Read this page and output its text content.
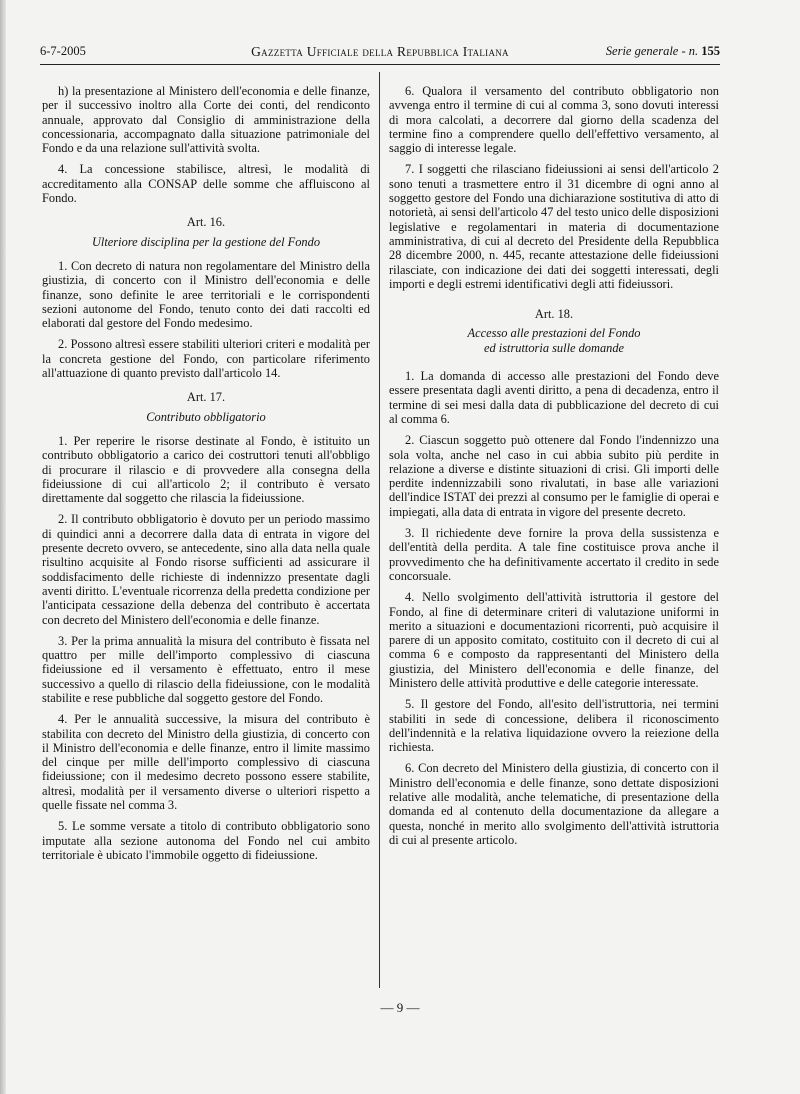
6-7-2005	Gazzetta Ufficiale della Repubblica Italiana	Serie generale - n. 155

h) la presentazione al Ministero dell'economia e delle finanze, per il successivo inoltro alla Corte dei conti, del rendiconto annuale, approvato dal Consiglio di amministrazione della concessionaria, accompagnato dalla situazione patrimoniale del Fondo e da una relazione sull'attività svolta.

4. La concessione stabilisce, altresì, le modalità di accreditamento alla CONSAP delle somme che affluiscono al Fondo.

Art. 16.
Ulteriore disciplina per la gestione del Fondo

1. Con decreto di natura non regolamentare del Ministro della giustizia, di concerto con il Ministro dell'economia e delle finanze, sono definite le aree territoriali e le corrispondenti sezioni autonome del Fondo, tenuto conto dei dati raccolti ed elaborati dal gestore del Fondo medesimo.

2. Possono altresì essere stabiliti ulteriori criteri e modalità per la concreta gestione del Fondo, con particolare riferimento all'attuazione di quanto previsto dall'articolo 14.

Art. 17.
Contributo obbligatorio

1. Per reperire le risorse destinate al Fondo, è istituito un contributo obbligatorio a carico dei costruttori tenuti all'obbligo di procurare il rilascio e di provvedere alla consegna della fideiussione di cui all'articolo 2; il contributo è versato direttamente dal soggetto che rilascia la fideiussione.

2. Il contributo obbligatorio è dovuto per un periodo massimo di quindici anni a decorrere dalla data di entrata in vigore del presente decreto ovvero, se antecedente, sino alla data nella quale risultino acquisite al Fondo risorse sufficienti ad assicurare il soddisfacimento delle richieste di indennizzo presentate dagli aventi diritto. L'eventuale ricorrenza della predetta condizione per l'anticipata cessazione della debenza del contributo è accertata con decreto del Ministero dell'economia e delle finanze.

3. Per la prima annualità la misura del contributo è fissata nel quattro per mille dell'importo complessivo di ciascuna fideiussione ed il versamento è effettuato, entro il mese successivo a quello di rilascio della fideiussione, con le modalità stabilite e rese pubbliche dal soggetto gestore del Fondo.

4. Per le annualità successive, la misura del contributo è stabilita con decreto del Ministro della giustizia, di concerto con il Ministro dell'economia e delle finanze, entro il limite massimo del cinque per mille dell'importo complessivo di ciascuna fideiussione; con il medesimo decreto possono essere stabilite, altresì, modalità per il versamento diverse o ulteriori rispetto a quelle fissate nel comma 3.

5. Le somme versate a titolo di contributo obbligatorio sono imputate alla sezione autonoma del Fondo nel cui ambito territoriale è ubicato l'immobile oggetto di fideiussione.

6. Qualora il versamento del contributo obbligatorio non avvenga entro il termine di cui al comma 3, sono dovuti interessi di mora calcolati, a decorrere dal giorno della scadenza del termine fino a comprendere quello dell'effettivo versamento, al saggio di interesse legale.

7. I soggetti che rilasciano fideiussioni ai sensi dell'articolo 2 sono tenuti a trasmettere entro il 31 dicembre di ogni anno al soggetto gestore del Fondo una dichiarazione sostitutiva di atto di notorietà, ai sensi dell'articolo 47 del testo unico delle disposizioni legislative e regolamentari in materia di documentazione amministrativa, di cui al decreto del Presidente della Repubblica 28 dicembre 2000, n. 445, recante attestazione delle fideiussioni rilasciate, con indicazione dei dati dei soggetti interessati, degli importi e degli estremi identificativi degli atti fideiussori.

Art. 18.
Accesso alle prestazioni del Fondo
ed istruttoria sulle domande

1. La domanda di accesso alle prestazioni del Fondo deve essere presentata dagli aventi diritto, a pena di decadenza, entro il termine di sei mesi dalla data di pubblicazione del decreto di cui al comma 6.

2. Ciascun soggetto può ottenere dal Fondo l'indennizzo una sola volta, anche nel caso in cui abbia subito più perdite in relazione a diverse e distinte situazioni di crisi. Gli importi delle perdite indennizzabili sono rivalutati, in base alle variazioni dell'indice ISTAT dei prezzi al consumo per le famiglie di operai e impiegati, alla data di entrata in vigore del presente decreto.

3. Il richiedente deve fornire la prova della sussistenza e dell'entità della perdita. A tale fine costituisce prova anche il provvedimento che ha definitivamente accertato il credito in sede concorsuale.

4. Nello svolgimento dell'attività istruttoria il gestore del Fondo, al fine di determinare criteri di valutazione uniformi in merito a situazioni e documentazioni ricorrenti, può acquisire il parere di un apposito comitato, costituito con il decreto di cui al comma 6 e composto da rappresentanti del Ministero della giustizia, del Ministero dell'economia e delle finanze, del Ministero delle attività produttive e delle categorie interessate.

5. Il gestore del Fondo, all'esito dell'istruttoria, nei termini stabiliti in sede di concessione, delibera il riconoscimento dell'indennità e la relativa liquidazione ovvero la reiezione della richiesta.

6. Con decreto del Ministero della giustizia, di concerto con il Ministro dell'economia e delle finanze, sono dettate disposizioni relative alle modalità, anche telematiche, di presentazione della domanda ed al contenuto della documentazione da allegare a questa, nonché in merito allo svolgimento dell'attività istruttoria di cui al presente articolo.

— 9 —
